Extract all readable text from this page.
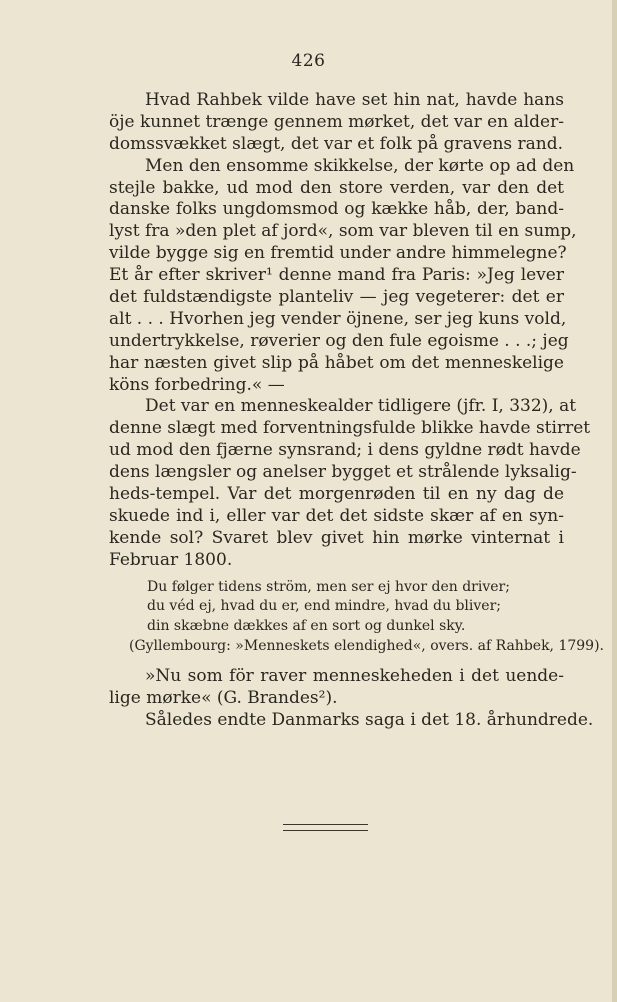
426
Hvad Rahbek vilde have set hin nat, havde hans
öje kunnet trænge gennem mørket, det var en alder-
domssvækket slægt, det var et folk på gravens rand.
Men den ensomme skikkelse, der kørte op ad den
stejle bakke, ud mod den store verden, var den det
danske folks ungdomsmod og kække håb, der, band-
lyst fra »den plet af jord«, som var bleven til en sump,
vilde bygge sig en fremtid under andre himmelegne?
Et år efter skriver¹ denne mand fra Paris: »Jeg lever
det fuldstændigste planteliv — jeg vegeterer: det er
alt . . . Hvorhen jeg vender öjnene, ser jeg kuns vold,
undertrykkelse, røverier og den fule egoisme . . .; jeg
har næsten givet slip på håbet om det menneskelige
köns forbedring.« —
Det var en menneskealder tidligere (jfr. I, 332), at
denne slægt med forventningsfulde blikke havde stirret
ud mod den fjærne synsrand; i dens gyldne rødt havde
dens længsler og anelser bygget et strålende lyksalig-
heds-tempel. Var det morgenrøden til en ny dag de
skuede ind i, eller var det det sidste skær af en syn-
kende sol? Svaret blev givet hin mørke vinternat i
Februar 1800.
Du følger tidens ström, men ser ej hvor den driver;
du véd ej, hvad du er, end mindre, hvad du bliver;
din skæbne dækkes af en sort og dunkel sky.
(Gyllembourg: »Menneskets elendighed«, overs. af Rahbek, 1799).
»Nu som för raver menneskeheden i det uende-
lige mørke« (G. Brandes²).
Således endte Danmarks saga i det 18. århundrede.
